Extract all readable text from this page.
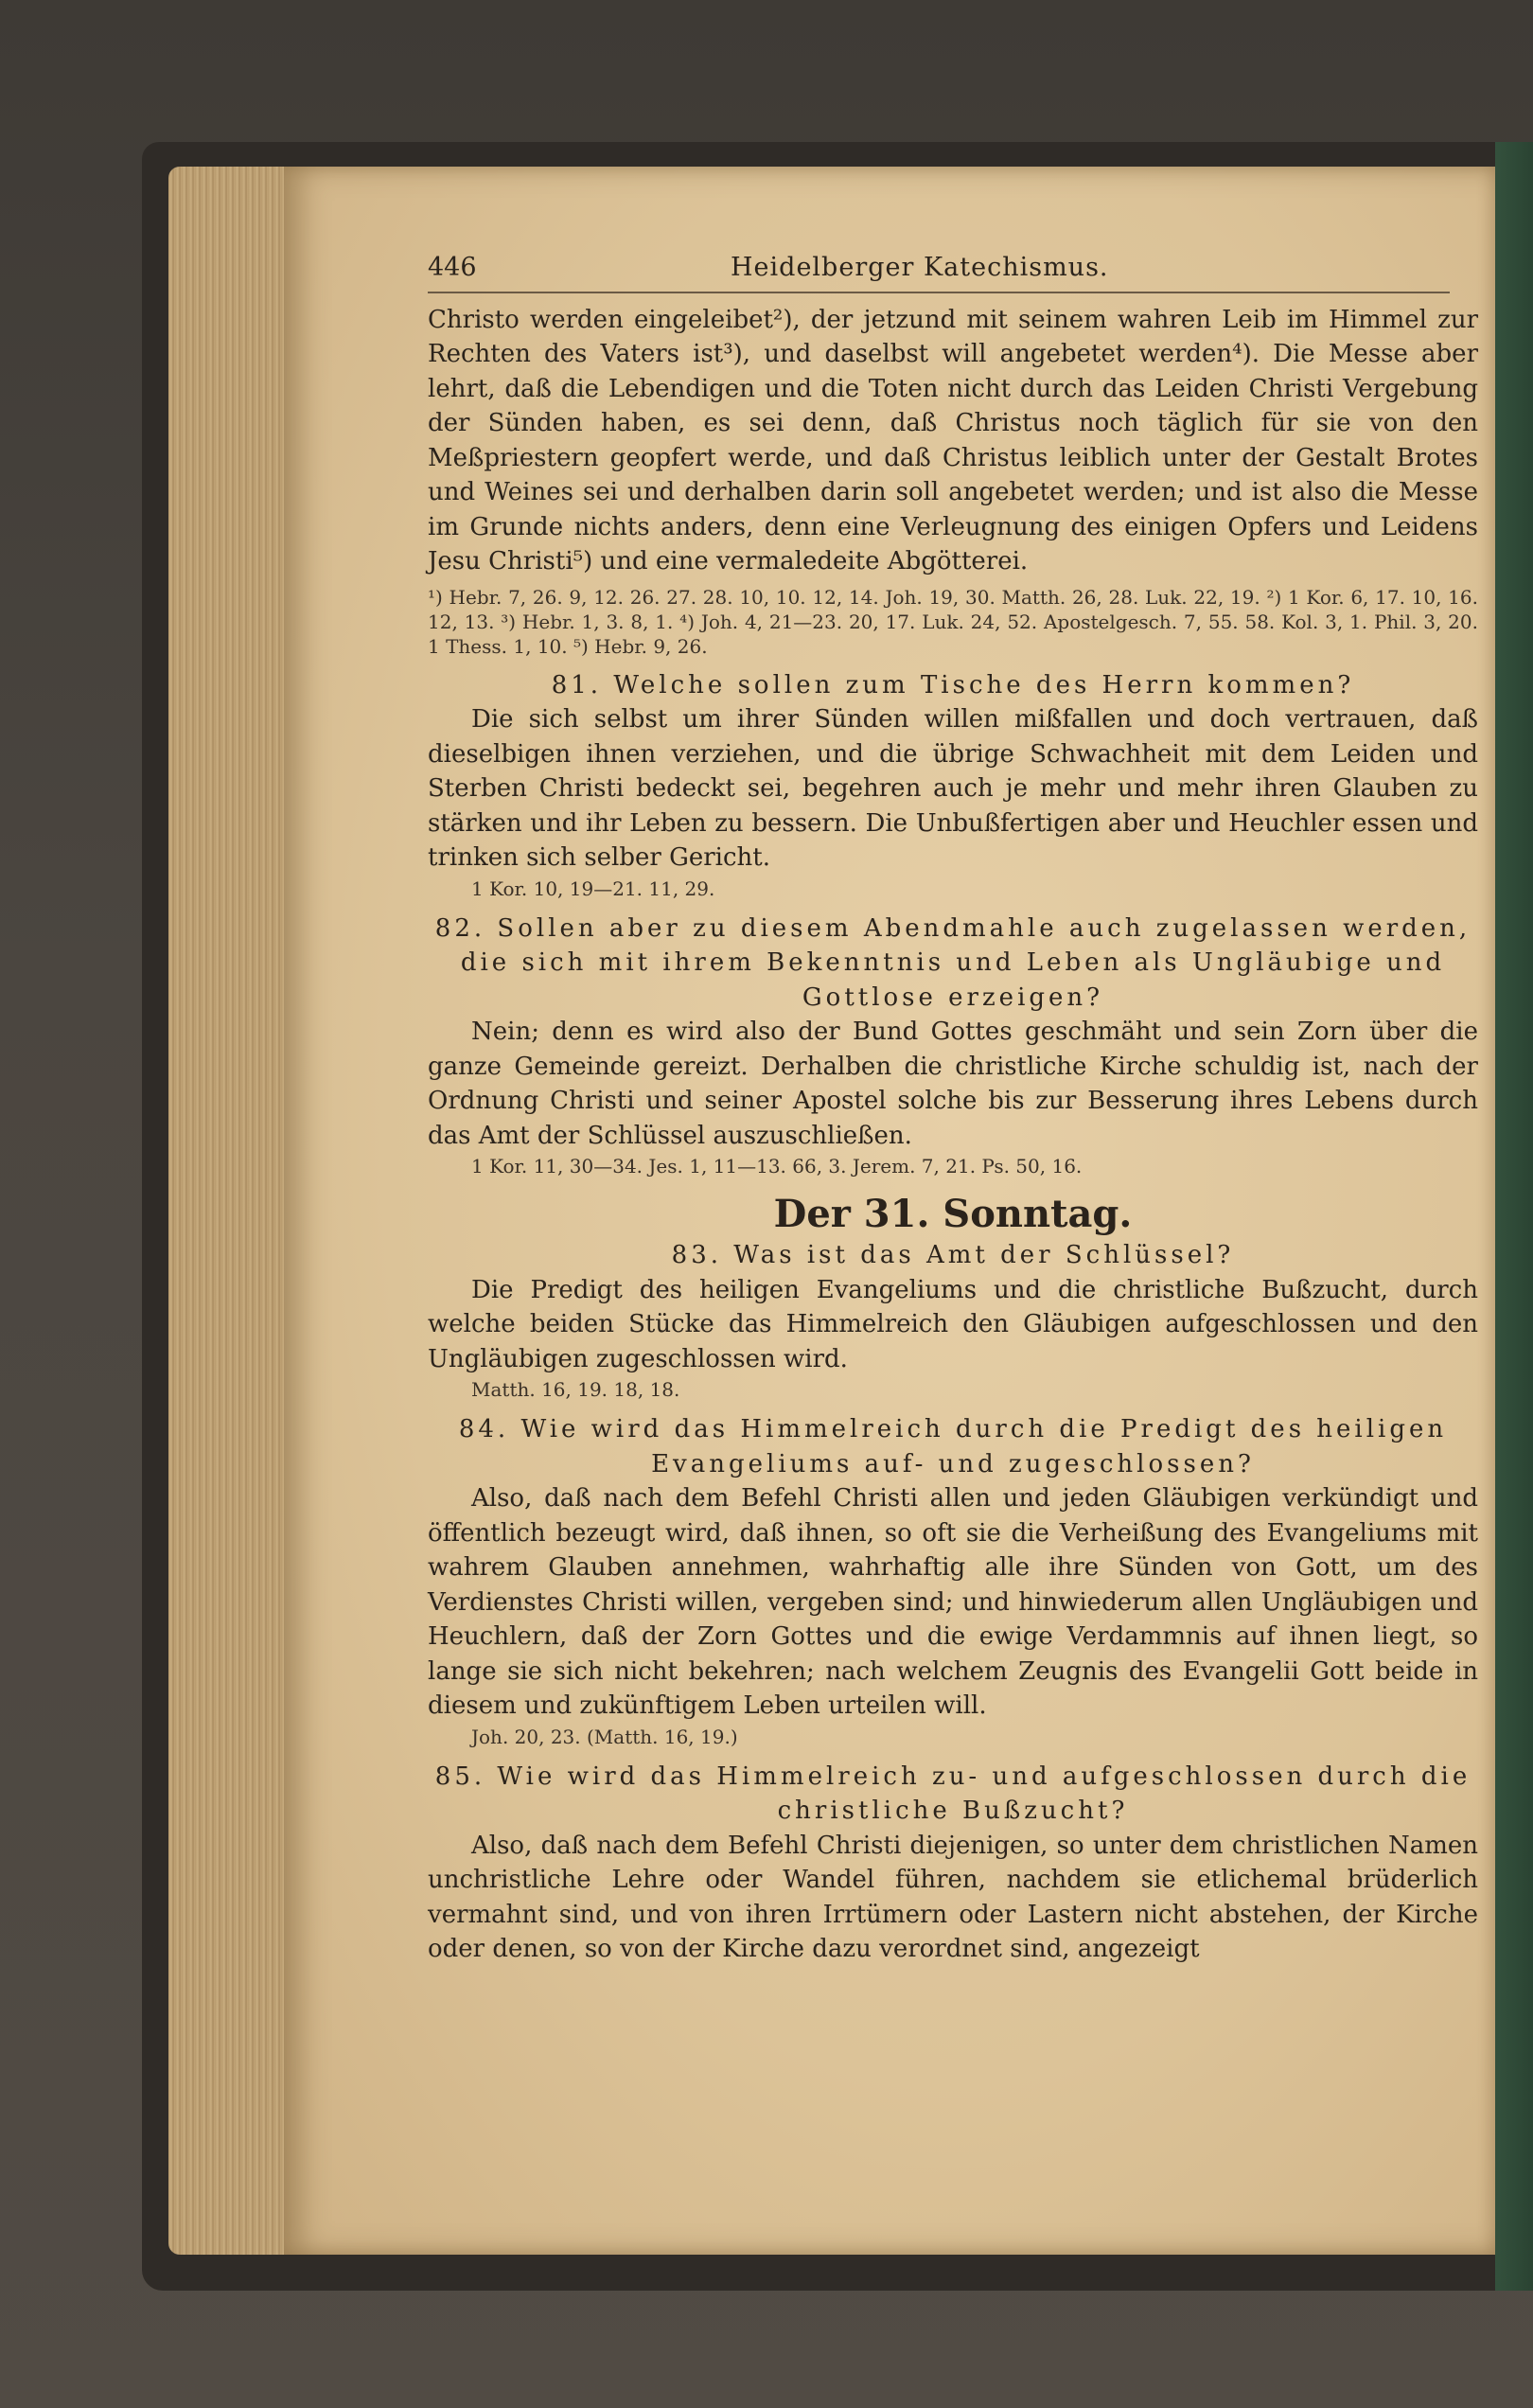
446	Heidelberger Katechismus.

Christo werden eingeleibet²), der jetzund mit seinem wahren Leib im Himmel zur Rechten des Vaters ist³), und daselbst will angebetet werden⁴). Die Messe aber lehrt, daß die Lebendigen und die Toten nicht durch das Leiden Christi Vergebung der Sünden haben, es sei denn, daß Christus noch täglich für sie von den Meßpriestern geopfert werde, und daß Christus leiblich unter der Gestalt Brotes und Weines sei und derhalben darin soll angebetet werden; und ist also die Messe im Grunde nichts anders, denn eine Verleugnung des einigen Opfers und Leidens Jesu Christi⁵) und eine vermaledeite Abgötterei.

¹) Hebr. 7, 26. 9, 12. 26. 27. 28. 10, 10. 12, 14. Joh. 19, 30. Matth. 26, 28. Luk. 22, 19. ²) 1 Kor. 6, 17. 10, 16. 12, 13. ³) Hebr. 1, 3. 8, 1. ⁴) Joh. 4, 21—23. 20, 17. Luk. 24, 52. Apostelgesch. 7, 55. 58. Kol. 3, 1. Phil. 3, 20. 1 Thess. 1, 10. ⁵) Hebr. 9, 26.

81. Welche sollen zum Tische des Herrn kommen?

Die sich selbst um ihrer Sünden willen mißfallen und doch vertrauen, daß dieselbigen ihnen verziehen, und die übrige Schwachheit mit dem Leiden und Sterben Christi bedeckt sei, begehren auch je mehr und mehr ihren Glauben zu stärken und ihr Leben zu bessern. Die Unbußfertigen aber und Heuchler essen und trinken sich selber Gericht.

1 Kor. 10, 19—21. 11, 29.

82. Sollen aber zu diesem Abendmahle auch zugelassen werden, die sich mit ihrem Bekenntnis und Leben als Ungläubige und Gottlose erzeigen?

Nein; denn es wird also der Bund Gottes geschmäht und sein Zorn über die ganze Gemeinde gereizt. Derhalben die christliche Kirche schuldig ist, nach der Ordnung Christi und seiner Apostel solche bis zur Besserung ihres Lebens durch das Amt der Schlüssel auszuschließen.

1 Kor. 11, 30—34. Jes. 1, 11—13. 66, 3. Jerem. 7, 21. Ps. 50, 16.

Der 31. Sonntag.

83. Was ist das Amt der Schlüssel?

Die Predigt des heiligen Evangeliums und die christliche Bußzucht, durch welche beiden Stücke das Himmelreich den Gläubigen aufgeschlossen und den Ungläubigen zugeschlossen wird.

Matth. 16, 19. 18, 18.

84. Wie wird das Himmelreich durch die Predigt des heiligen Evangeliums auf- und zugeschlossen?

Also, daß nach dem Befehl Christi allen und jeden Gläubigen verkündigt und öffentlich bezeugt wird, daß ihnen, so oft sie die Verheißung des Evangeliums mit wahrem Glauben annehmen, wahrhaftig alle ihre Sünden von Gott, um des Verdienstes Christi willen, vergeben sind; und hinwiederum allen Ungläubigen und Heuchlern, daß der Zorn Gottes und die ewige Verdammnis auf ihnen liegt, so lange sie sich nicht bekehren; nach welchem Zeugnis des Evangelii Gott beide in diesem und zukünftigem Leben urteilen will.

Joh. 20, 23. (Matth. 16, 19.)

85. Wie wird das Himmelreich zu- und aufgeschlossen durch die christliche Bußzucht?

Also, daß nach dem Befehl Christi diejenigen, so unter dem christlichen Namen unchristliche Lehre oder Wandel führen, nachdem sie etlichemal brüderlich vermahnt sind, und von ihren Irrtümern oder Lastern nicht abstehen, der Kirche oder denen, so von der Kirche dazu verordnet sind, angezeigt
